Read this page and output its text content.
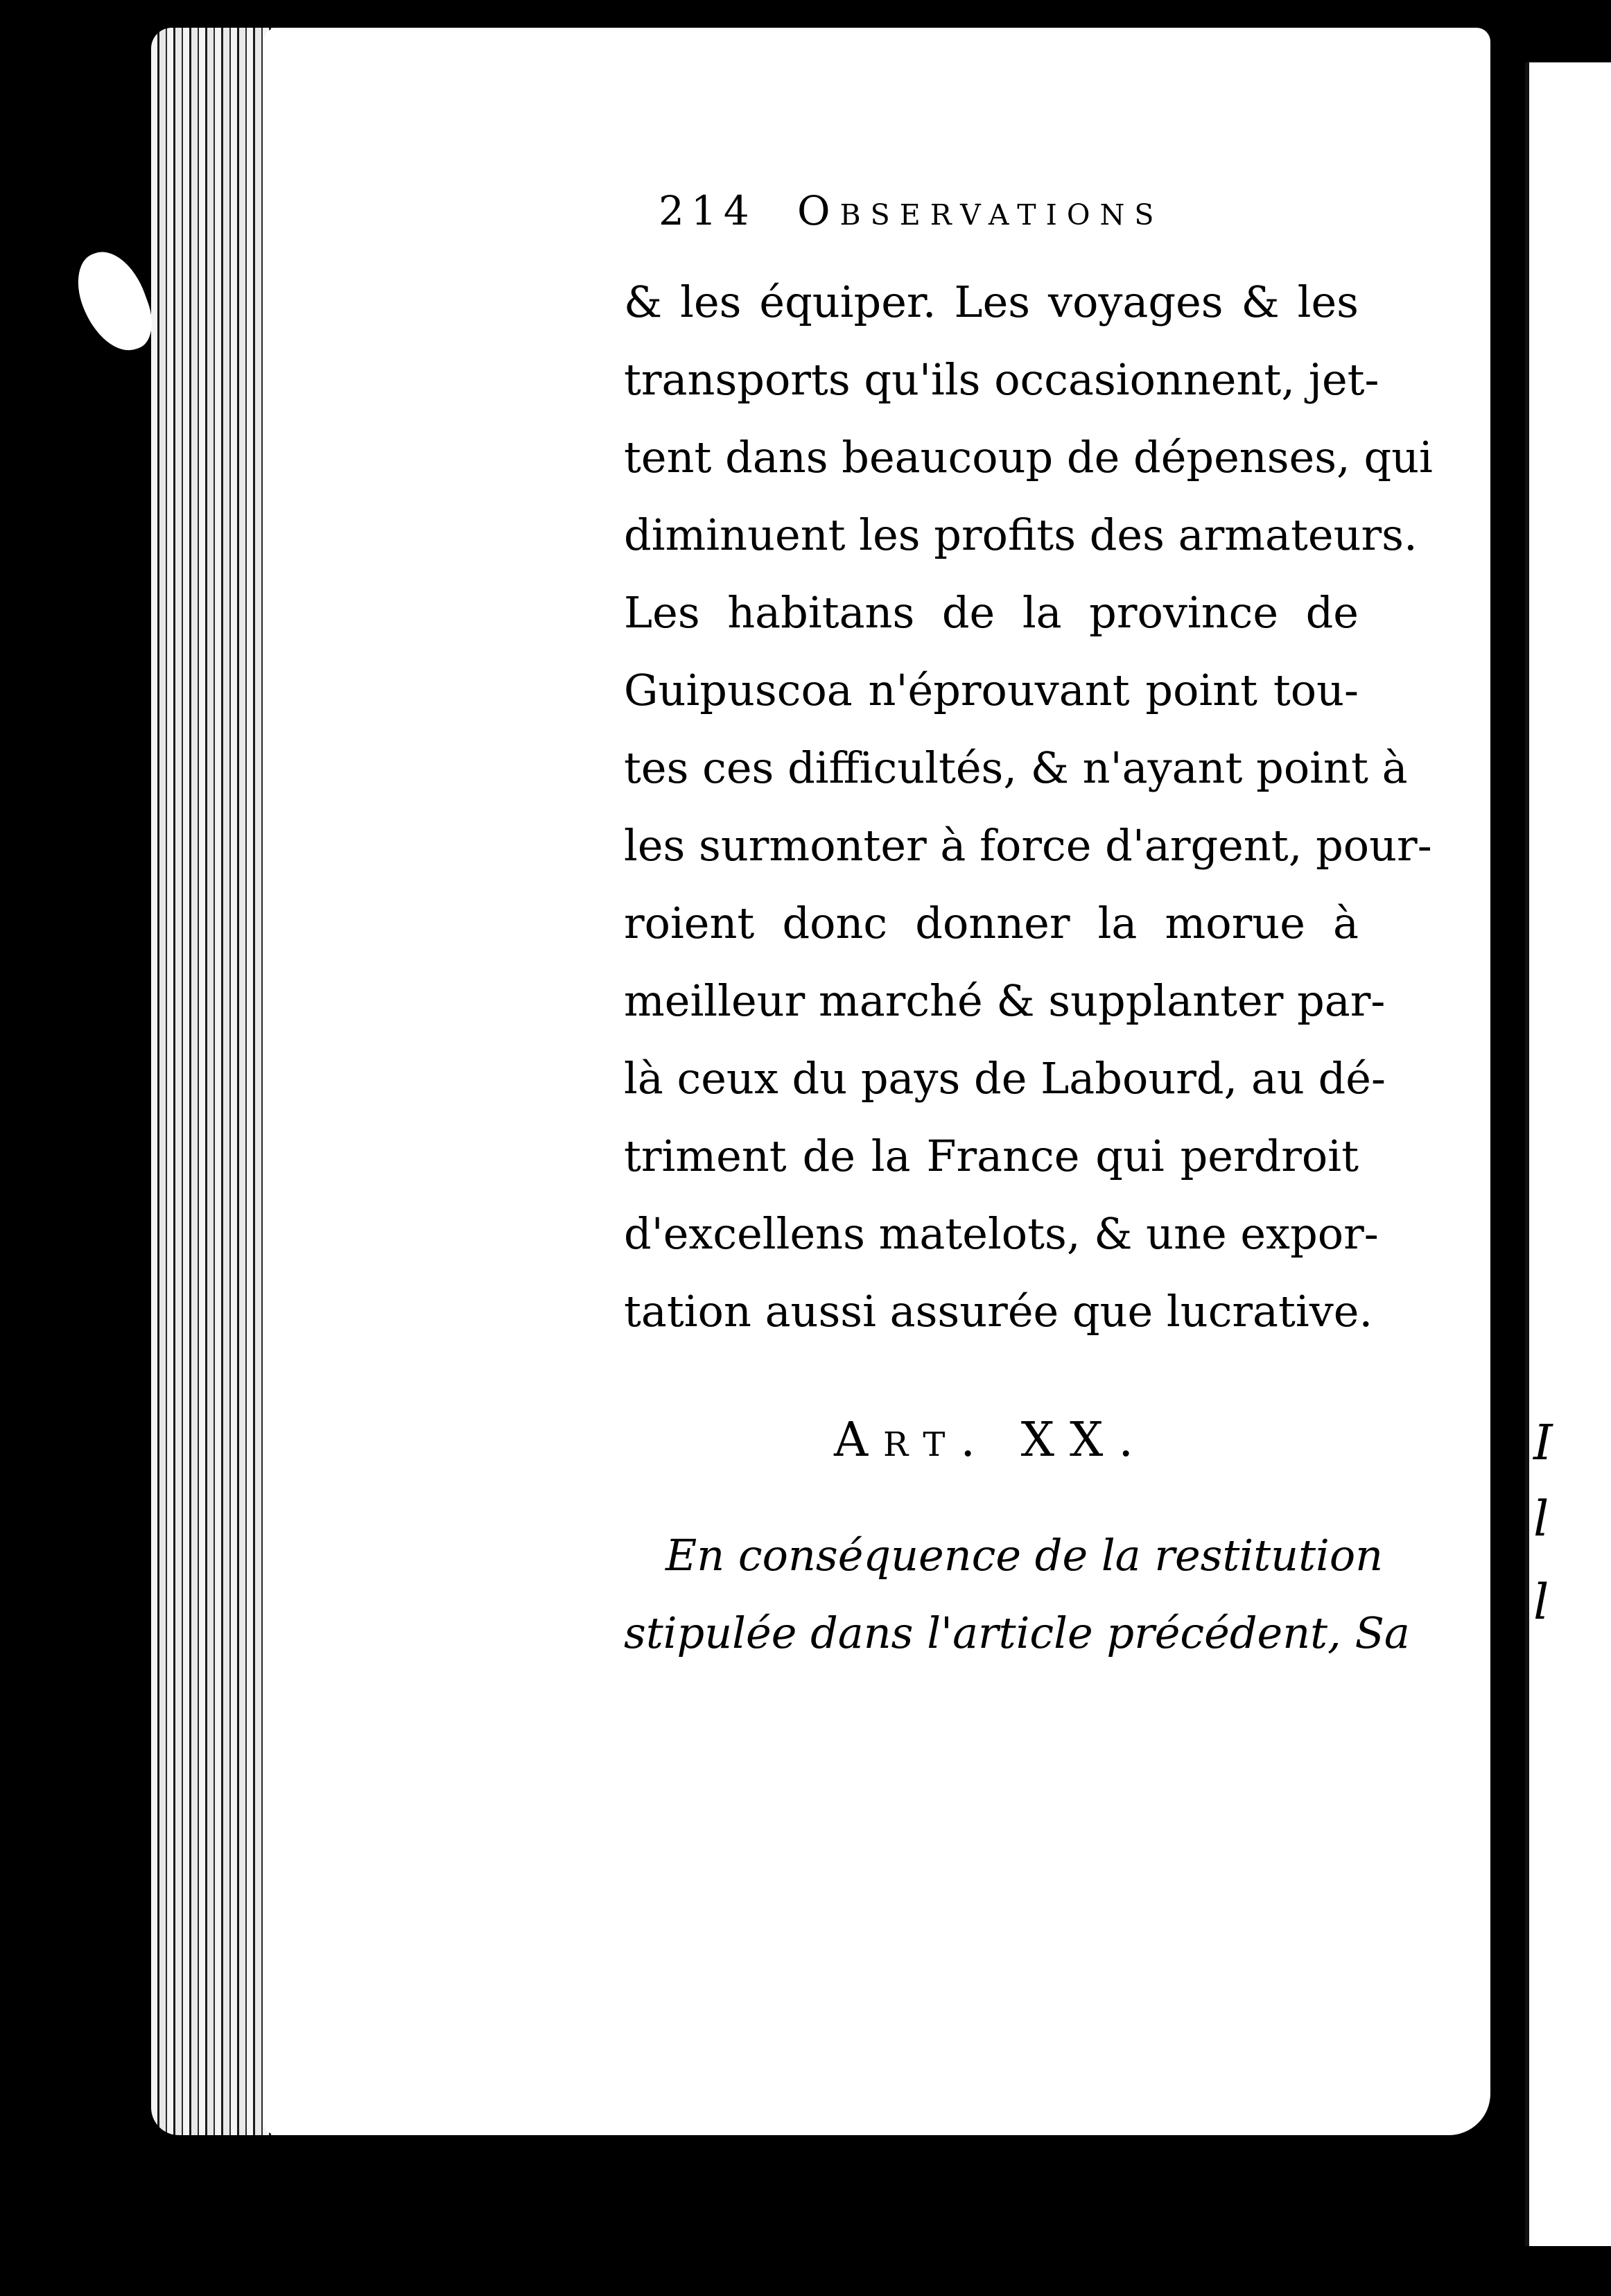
I
l
l
214 Observations
& les équiper. Les voyages & les
transports qu'ils occasionnent, jet-
tent dans beaucoup de dépenses, qui
diminuent les profits des armateurs.
Les habitans de la province de
Guipuscoa n'éprouvant point tou-
tes ces difficultés, & n'ayant point à
les surmonter à force d'argent, pour-
roient donc donner la morue à
meilleur marché & supplanter par-
là ceux du pays de Labourd, au dé-
triment de la France qui perdroit
d'excellens matelots, & une expor-
tation aussi assurée que lucrative.
Art. XX.
En conséquence de la restitution
stipulée dans l'article précédent, Sa
